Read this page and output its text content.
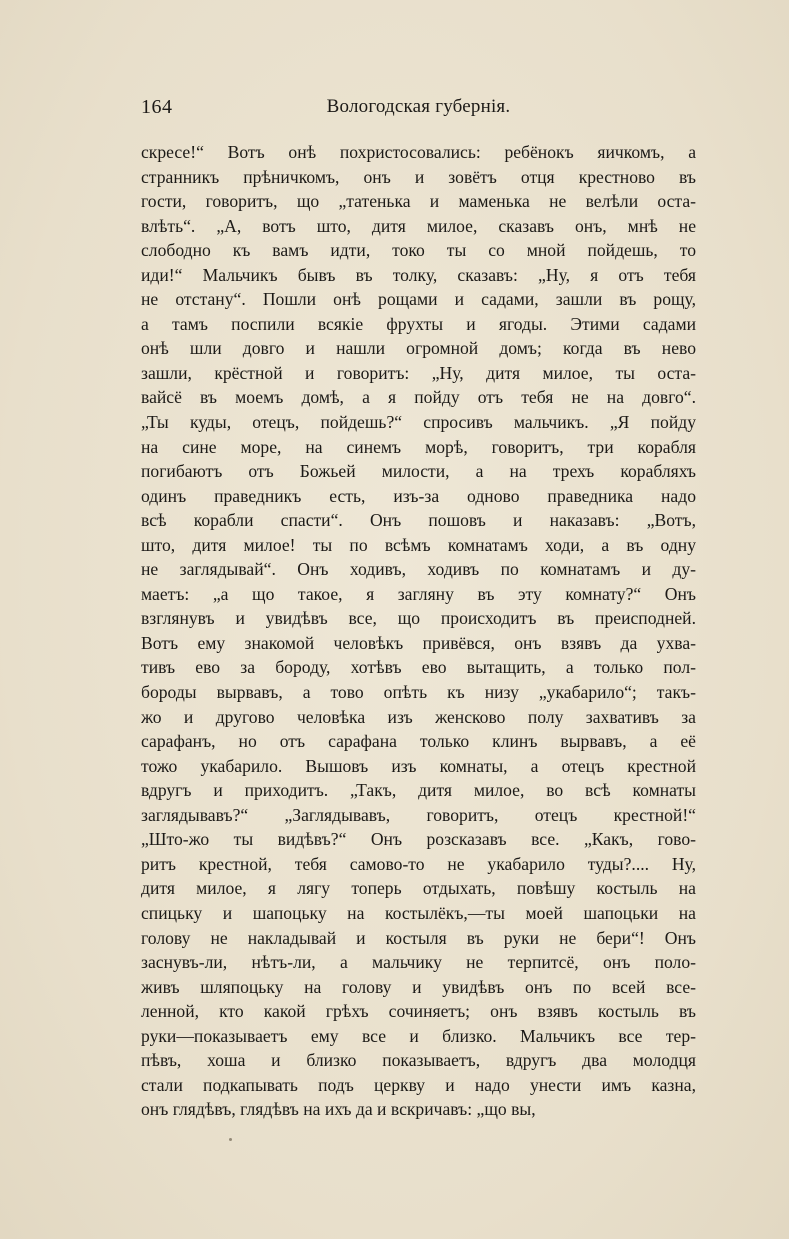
164	Вологодская губернія.
скресе!“ Вотъ онѣ похристосовались: ребёнокъ яичкомъ, а
странникъ прѣничкомъ, онъ и зовётъ отця крестново въ
гости, говоритъ, що „татенька и маменька не велѣли оста-
влѣть“. „А, вотъ што, дитя милое, сказавъ онъ, мнѣ не
слободно къ вамъ идти, токо ты со мной пойдешь, то
иди!“ Мальчикъ бывъ въ толку, сказавъ: „Ну, я отъ тебя
не отстану“. Пошли онѣ рощами и садами, зашли въ рощу,
а тамъ поспили всякіе фрухты и ягоды. Этими садами
онѣ шли довго и нашли огромной домъ; когда въ нево
зашли, крёстной и говоритъ: „Ну, дитя милое, ты оста-
вайсё въ моемъ домѣ, а я пойду отъ тебя не на довго“.
„Ты куды, отецъ, пойдешь?“ спросивъ мальчикъ. „Я пойду
на сине море, на синемъ морѣ, говоритъ, три корабля
погибаютъ отъ Божьей милости, а на трехъ корабляхъ
одинъ праведникъ есть, изъ-за одново праведника надо
всѣ корабли спасти“. Онъ пошовъ и наказавъ: „Вотъ,
што, дитя милое! ты по всѣмъ комнатамъ ходи, а въ одну
не заглядывай“. Онъ ходивъ, ходивъ по комнатамъ и ду-
маетъ: „а що такое, я загляну въ эту комнату?“ Онъ
взглянувъ и увидѣвъ все, що происходитъ въ преисподней.
Вотъ ему знакомой человѣкъ привёвся, онъ взявъ да ухва-
тивъ ево за бороду, хотѣвъ ево вытащить, а только пол-
бороды вырвавъ, а тово опѣть къ низу „укабарило“; такъ-
жо и другово человѣка изъ женсково полу захвативъ за
сарафанъ, но отъ сарафана только клинъ вырвавъ, а её
тожо укабарило. Вышовъ изъ комнаты, а отецъ крестной
вдругъ и приходитъ. „Такъ, дитя милое, во всѣ комнаты
заглядывавъ?“ „Заглядывавъ, говоритъ, отецъ крестной!“
„Што-жо ты видѣвъ?“ Онъ розсказавъ все. „Какъ, гово-
ритъ крестной, тебя самово-то не укабарило туды?.... Ну,
дитя милое, я лягу топерь отдыхать, повѣшу костыль на
спицьку и шапоцьку на костылёкъ,—ты моей шапоцьки на
голову не накладывай и костыля въ руки не бери“! Онъ
заснувъ-ли, нѣтъ-ли, а мальчику не терпитсё, онъ поло-
живъ шляпоцьку на голову и увидѣвъ онъ по всей все-
ленной, кто какой грѣхъ сочиняетъ; онъ взявъ костыль въ
руки—показываетъ ему все и близко. Мальчикъ все тер-
пѣвъ, хоша и близко показываетъ, вдругъ два молодця
стали подкапывать подъ церкву и надо унести имъ казна,
онъ глядѣвъ, глядѣвъ на ихъ да и вскричавъ: „що вы,
